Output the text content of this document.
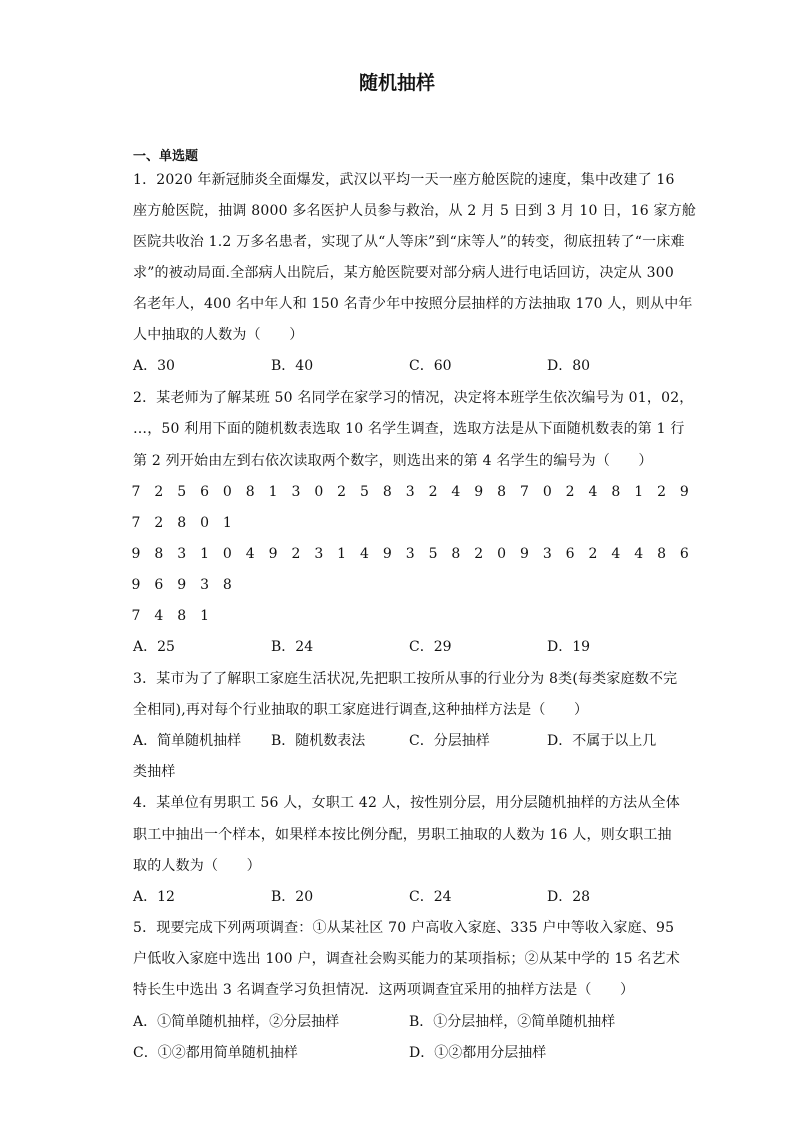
随机抽样
一、单选题
1．2020 年新冠肺炎全面爆发，武汉以平均一天一座方舱医院的速度，集中改建了 16
座方舱医院，抽调 8000 多名医护人员参与救治，从 2 月 5 日到 3 月 10 日，16 家方舱
医院共收治 1.2 万多名患者，实现了从“人等床”到“床等人”的转变，彻底扭转了“一床难
求”的被动局面.全部病人出院后，某方舱医院要对部分病人进行电话回访，决定从 300
名老年人，400 名中年人和 150 名青少年中按照分层抽样的方法抽取 170 人，则从中年
人中抽取的人数为（　　）
A．30	B．40	C．60	D．80
2．某老师为了解某班 50 名同学在家学习的情况，决定将本班学生依次编号为 01，02，
…，50 利用下面的随机数表选取 10 名学生调查，选取方法是从下面随机数表的第 1 行
第 2 列开始由左到右依次读取两个数字，则选出来的第 4 名学生的编号为（　　）
7 2 5 6 0 8 1 3 0 2 5 8 3 2 4 9 8 7 0 2 4 8 1 2 9
7 2 8 0 1
9 8 3 1 0 4 9 2 3 1 4 9 3 5 8 2 0 9 3 6 2 4 4 8 6
9 6 9 3 8
7 4 8 1
A．25	B．24	C．29	D．19
3．某市为了了解职工家庭生活状况,先把职工按所从事的行业分为 8类(每类家庭数不完
全相同),再对每个行业抽取的职工家庭进行调查,这种抽样方法是（　　）
A．简单随机抽样 B．随机数表法	C．分层抽样	D．不属于以上几
类抽样
4．某单位有男职工 56 人，女职工 42 人，按性别分层，用分层随机抽样的方法从全体
职工中抽出一个样本，如果样本按比例分配，男职工抽取的人数为 16 人，则女职工抽
取的人数为（　　）
A．12	B．20	C．24	D．28
5．现要完成下列两项调查：①从某社区 70 户高收入家庭、335 户中等收入家庭、95
户低收入家庭中选出 100 户，调查社会购买能力的某项指标；②从某中学的 15 名艺术
特长生中选出 3 名调查学习负担情况．这两项调查宜采用的抽样方法是（　　）
A．①简单随机抽样，②分层抽样	B．①分层抽样，②简单随机抽样
C．①②都用简单随机抽样	D．①②都用分层抽样
